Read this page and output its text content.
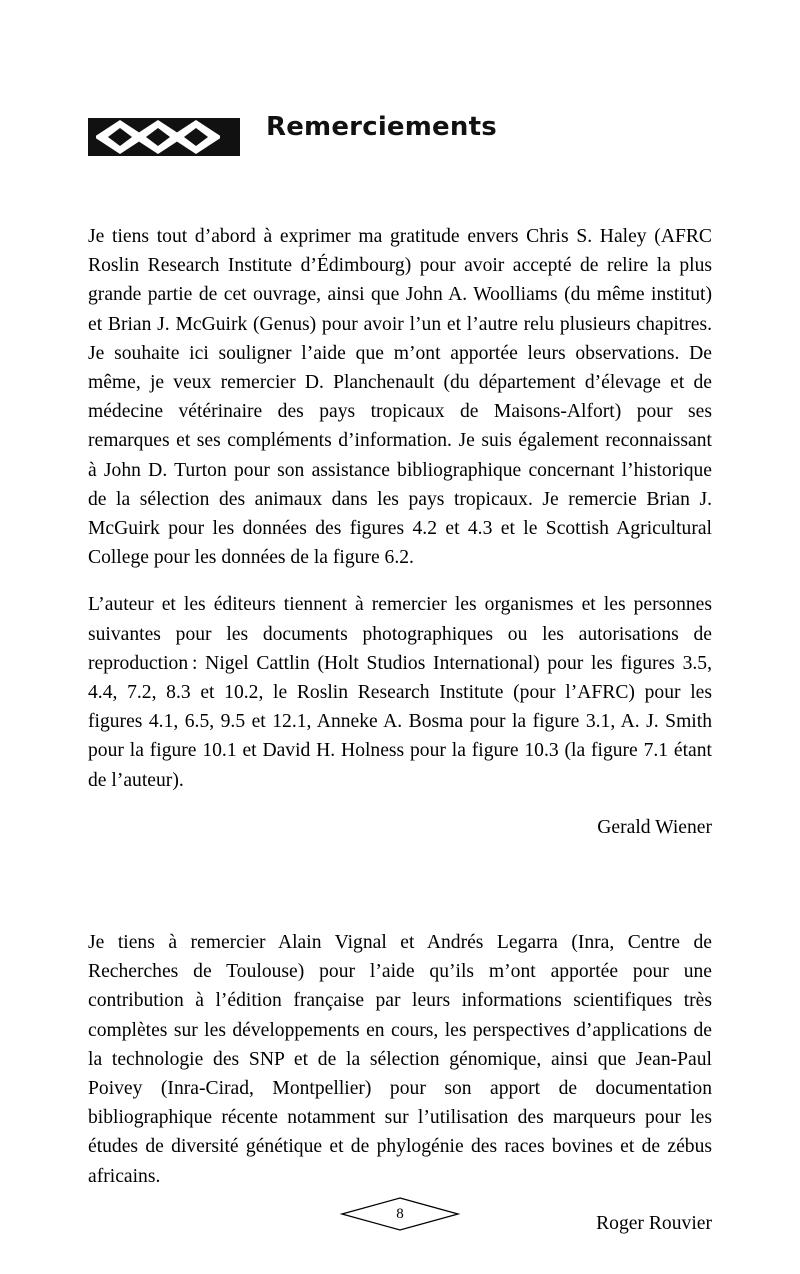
Remerciements

Je tiens tout d’abord à exprimer ma gratitude envers Chris S. Haley (AFRC Roslin Research Institute d’Édimbourg) pour avoir accepté de relire la plus grande partie de cet ouvrage, ainsi que John A. Woolliams (du même institut) et Brian J. McGuirk (Genus) pour avoir l’un et l’autre relu plusieurs chapitres. Je souhaite ici souligner l’aide que m’ont apportée leurs observations. De même, je veux remercier D. Planchenault (du département d’élevage et de médecine vétérinaire des pays tropicaux de Maisons-Alfort) pour ses remarques et ses compléments d’information. Je suis également reconnaissant à John D. Turton pour son assistance bibliographique concernant l’historique de la sélection des animaux dans les pays tropicaux. Je remercie Brian J. McGuirk pour les données des figures 4.2 et 4.3 et le Scottish Agricultural College pour les données de la figure 6.2.

L’auteur et les éditeurs tiennent à remercier les organismes et les personnes suivantes pour les documents photographiques ou les autorisations de reproduction : Nigel Cattlin (Holt Studios International) pour les figures 3.5, 4.4, 7.2, 8.3 et 10.2, le Roslin Research Institute (pour l’AFRC) pour les figures 4.1, 6.5, 9.5 et 12.1, Anneke A. Bosma pour la figure 3.1, A. J. Smith pour la figure 10.1 et David H. Holness pour la figure 10.3 (la figure 7.1 étant de l’auteur).

Gerald Wiener

Je tiens à remercier Alain Vignal et Andrés Legarra (Inra, Centre de Recherches de Toulouse) pour l’aide qu’ils m’ont apportée pour une contribution à l’édition française par leurs informations scientifiques très complètes sur les développements en cours, les perspectives d’applications de la technologie des SNP et de la sélection génomique, ainsi que Jean-Paul Poivey (Inra-Cirad, Montpellier) pour son apport de documentation bibliographique récente notamment sur l’utilisation des marqueurs pour les études de diversité génétique et de phylogénie des races bovines et de zébus africains.

Roger Rouvier

8
